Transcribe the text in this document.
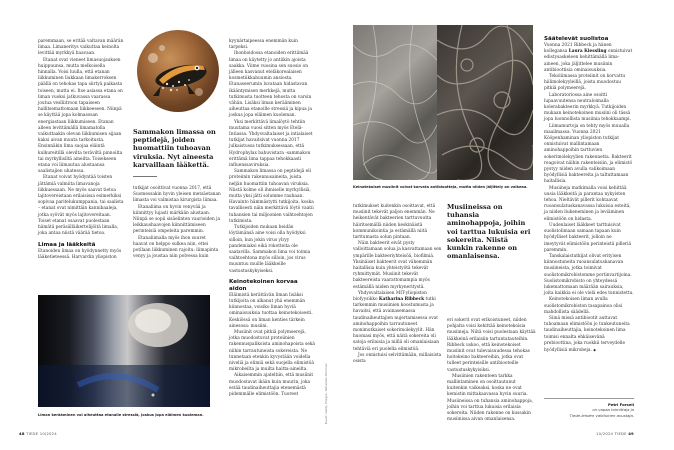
paremmaan, se eritää valtavan määrän limaa. Limaneritys vaikuttaa keinolta levittää myrkkyä haavaan.

Etanat ovat vieneet limasuojauksen huippuunsa, mutta melkoisella hinnalla. Voisi luulla, että etanan liikkuminen liukkaan limakerroksen päällä on tehokas tapa siirtyä paikasta toiseen, mutta ei. Itse asiassa etana on liman vuoksi jatkuvassa vaarassa joutua veslliitroon tapaiseen hallitsemattomaan liikkeeseen. Niinpä se käyttää jopa kolmasosan energiastaan liikkumiseen. Etanan alleen levittämällä limamatolla vaikuttaakin olevan liikkumisen sijaan kaksi aivan muuta tarkoitusta. Ensinnäkin lima suojaa eläintä kulkureitillä olevilta teräviltä pinnoilta tai myrkyllisiltä aineilta. Toisekseen etana voi liimautua alustaansa saalistajien uhatessa.

Etanat voivat hyödyntää toisten jättämiä valmiita limavanoja liikkuessaan. Ne myös saavat tietoa lajitovereistaan erilaisissa esimerkiksi sopivaa paritelukumppania, tai saalista – etanat ovat nimittäin kannibaaleja, jotka syövät myös lajitovereitaan. Toiset etanat osaavat puolestaan hämätä peräsälläikertelijöitä limalla, joka antaa niistä väärää tietoa.

Limaa ja lääkkeitä

Etanoiden limaa on hyödynnetty myös lääketieteessä. Harvardin yliopiston

Sammakon limassa on peptidejä, joiden huomattiin tuhoavan viruksia. Nyt aineesta karvaillaan lääkettä.

tutkijat osoittivat vuonna 2017, että Suomessakin hyvin yleisen metsäetanan limasta voi valmistaa kirurgista liimaa.

Etanaliima on hyvin venyvää ja kiinnittyy lujasti märkään alustaan. Niinpä se sopii sisäelinten vaurioiden ja leikkaushaavojen kiinnittämiseen perinteisiä ompeleita paremmin.

Etanaliimalla myös ihon suuret haavat on helppo sulkea niin, ettei potilaan liikkuminen rajoitu: liimapinta venyy ja joustaa niin polvessa kuin

kyynärtaipeessa enemmän kuin tarpeksi.

Ihonhoidossa etanoiden erittämää limaa on käytetty jo antiikin ajoista saakka. Viime vuosina sen suosio on jälleen kasvanut eteläkorealaisen kosmetiikkabuumin ansiosta. Etanaseerumin luvataan hidastavan ikääntymisen merkkejä, mutta tutkimusta tuotteen tehosta on varsin vähän. Lisäksi liman kerääminen aiheuttaa etanoille stressiä ja kipua ja joskus jopa eläimen kuoleman.

Yksi merkittävä limalöytö tehtiin muutama vuosi sitten myös Etelä-Intiassa. Yhdysvaltalaiset ja intialaiset tutkijat havaitsivat vuonna 2017 julkaistussa tutkimuksessaan, että Hydrophylax bahuvistara -sammakon erittämä lima tappaa tehokkaasti influenssaviruksia.

Sammakon limassa on peptidejä eli proteiinin rakennusaineita, joista neljän huomattiin tuhoavan viruksia. Niistä kolme oli ihmiselle myrkyllisiä, mutta yksi jätti solumme rauhaan. Havainto hämmästytti tutkijoita, koska tavallisesti näin merkittävä löytö vaatii tuhansien tai miljoonien vaihtoehtojen tutkimista.

Tutkijoiden mukaan heidän löytämänsä aine voisi olla hyödyksi silloin, kun jokin virus ylryy pandemiaksi eikä rokotteita ole saatavilla. Sammakon lima voi toimia vaihtoehtona myös silloin, jos virus muuntuu muille lääkkeille vastustuskykyiseksi.

Keinotekoinen korvaa aidon

Eläimistä kerättävän liman lisäksi tutkijoita on alkanut yhä enemmän kiinnostaa, voisiko liman hyviä ominaisuuksia tuottaa keinotekoisesti. Keskiössä on liman kenties tärkein ainesosa: musiini.

Musiinit ovat pitkiä polymeerejä, jotka muodostuvat proteiinien rakennuspalikoista aminohapoista sekä niihin tarrautuneista sokereista. Ne tunnetaan etenkin kyvystään voidella niveliä ja elimiä sekä suojella elimistöä mikrobeilta ja muilta haitta-aineilta.

Aikaisemmin ajateltiin, että musiinit muodostavat ikään kuin muurin, joka estää taudinaiheuttajia etenemästä pidemmälle elimistöön. Tuoreet

Liman kerääminen voi aiheuttaa etanalle stressiä, joskus jopa eläimen kuoleman.	Kuvat: Getty Images, Sebastian Pommer
48 TIEDE 10/2024
Keinotekoiset musiinit voivat korvata antibiootteja, mutta niiden jäljittely on vaikeaa.

tutkimukset kuitenkin osoittavat, että musiinit tekevät paljon enemmän. Ne heikentävät bakteerien tarttuvuutta häiritsemällä niiden keskinäistä kommunikointia ja estämällä niitä tarttumasta solun pintaan.

Näin bakteerit eivät pysty valloittamaan solua ja kasvattamaan sen ympärille bakteeriyhteisöä, biofilmiä. Yksinäiset bakteerit ovat vähemmän haitallisia kuin yhteistyötä tekevät ryhmittymät. Musiinit tekevät bakteereista vaarattomampia myös estämällä niiden myrkyneritystä.

Yhdysvaltalaisen MIT-yliopiston biofyysikko Katharina Ribbeck tutki tarkemmin musiinien koostumusta ja havaitsi, että avainasemassa taudinaiheuttajien nujertamisessa ovat aminohappoihin tarrautuneet monimutkaiset sokerimolekyylit. Hän huomasi myös, että näitä sokereita oli satoja erilaisia ja niillä oli omanlaisiaan tehtäviä eri puolella elimistöä.

Jos onnistuisi selvittämään, millaisista osista

Musiineissa on tuhansia aminohappoja, joihin voi tarttua lukuisia eri sokereita. Niistä kunkin rakenne on omanlaisensa.

eri sokerit ovat erikoistuneet, niiden pohjalta voisi kehittää keinotekoisia musiineja. Niitä voisi puolestaan käyttää lääkkeinä erilaisiin tartuntatauteihin. Ribbeck uskoo, että keinotekoiset musiinit ovat tulevaisuudessa tehokas hoitokeino bakteereihin, jotka ovat tulleet perinteisille antibiooteille vastustuskykyisiksi.

Musiinien rakenteen tarkka mallintaminen on osoittautunut kuitenkin vaikeaksi, koska ne ovat kemistin mittakaavassa hyvin suuria. Musiineissa on tuhansia aminohappoja, joihin voi tarttua lukuisia erilaisia sokereita. Niiden rakenne on kussakin musiinissa aivan omanlaisensa.

Säätelevät suolistoa

Vuonna 2021 Ribbeck ja hänen kollegansa Laura Kiessling onnistuivat edistysaskeleen kehittämällä lima-aineen, joka jäljittelee musiinin antibioottisia ominaisuuksia.

Tekoliimassa proteiinit on korvattu hiilimolekyyleillä, joista muodostuu pitkiä polymeerejä.

Laboratoriossa aine osoitti lupaavuutensa neutraloimalla kolerabakteerin myrkkyä. Tutkijoiden mukaan keinotekoinen musiini oli tässä jopa luonnollista musiinia tehokkaampi.

Liimamurtoja on tehty myös muualla maailmassa. Vuonna 2021 Kööpenhaminan yliopiston tutkijat onnistuivat mallintamaan aminohappoihin tarttuvien sokerimolekyylien rakennetta. Bakteerit reagoivat näihin rakenteisiin, ja elimistö pystyy niiden avulla valikoimaan hyödyllisiä bakteereita ja taltuttamaan haitallisia.

Musiineja matkimalla voisi kehittää uusia lääkkeitä ja parantaa nykyisten tehoa. Nieltävät pillerit kohtaavat ruoansulatuskanavassa lukuisia esteitä, ja niiden liukeneminen ja leviäminen elimistöön on hidasta.

Uudenlaiset lääkkeet tarttuisivat suolistolimaan samaan tapaan kuin hyödylliset bakteerit, jolloin ne imeytyvät elimistöön perinteistä pilleriä paremmin.

Tanskalaistutkijat olivat erityisen kiinnostuneita ruoansulatuskanavan musiineista, jotka toimivat suolistomikrobistomme portinvartijoina. Suolistomikrobisto on yhteydessä lukemattomaan määrään sairauksia, joita kaikkia ei ole vielä edes tunnistettu.

Keinotekoisen liman avulla suolistomikrobiston tasapainoa olisi mahdollista säädellä.

Siinä missä antibiootit auttavat tuhoamaan elimistöön jo tunkeutuneita taudinaiheuttajia, keinotekoinen lima toimisi ennalta ehkäisevänä prebioottina, joka ruokkii terveydelle hyödyllisiä mikrobeja. ◆

Petri Forsell
on vapaa toimittaja ja
Tiede-lehden vakituinen avustaja.
10/2024 TIEDE 49
